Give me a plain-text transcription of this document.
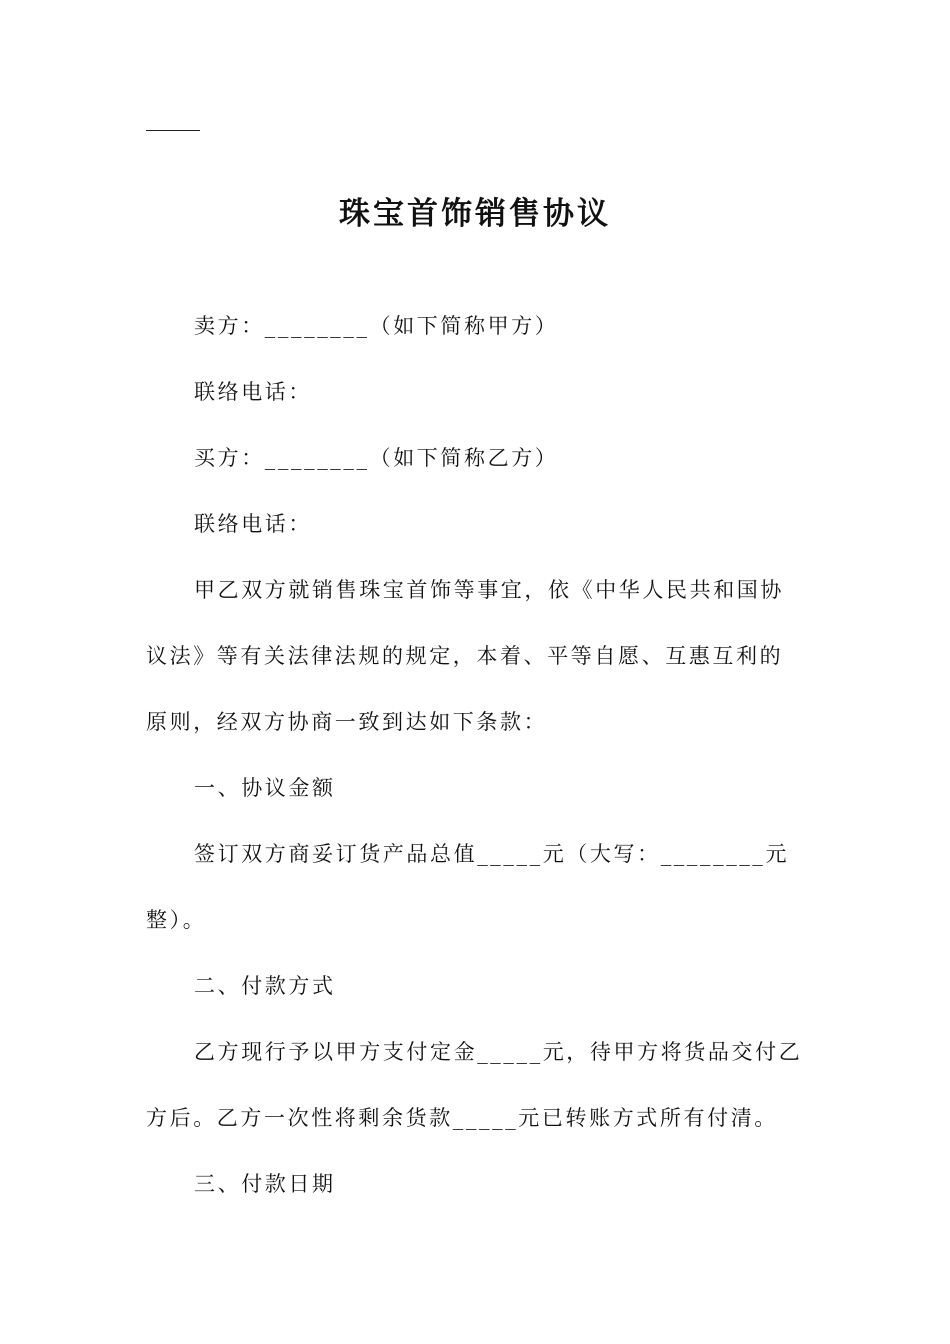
珠宝首饰销售协议

卖方：________（如下简称甲方）

联络电话：

买方：________（如下简称乙方）

联络电话：

甲乙双方就销售珠宝首饰等事宜，依《中华人民共和国协

议法》等有关法律法规的规定，本着、平等自愿、互惠互利的

原则，经双方协商一致到达如下条款：

一、协议金额

签订双方商妥订货产品总值_____元（大写：________元

整）。

二、付款方式

乙方现行予以甲方支付定金_____元，待甲方将货品交付乙

方后。乙方一次性将剩余货款_____元已转账方式所有付清。

三、付款日期
